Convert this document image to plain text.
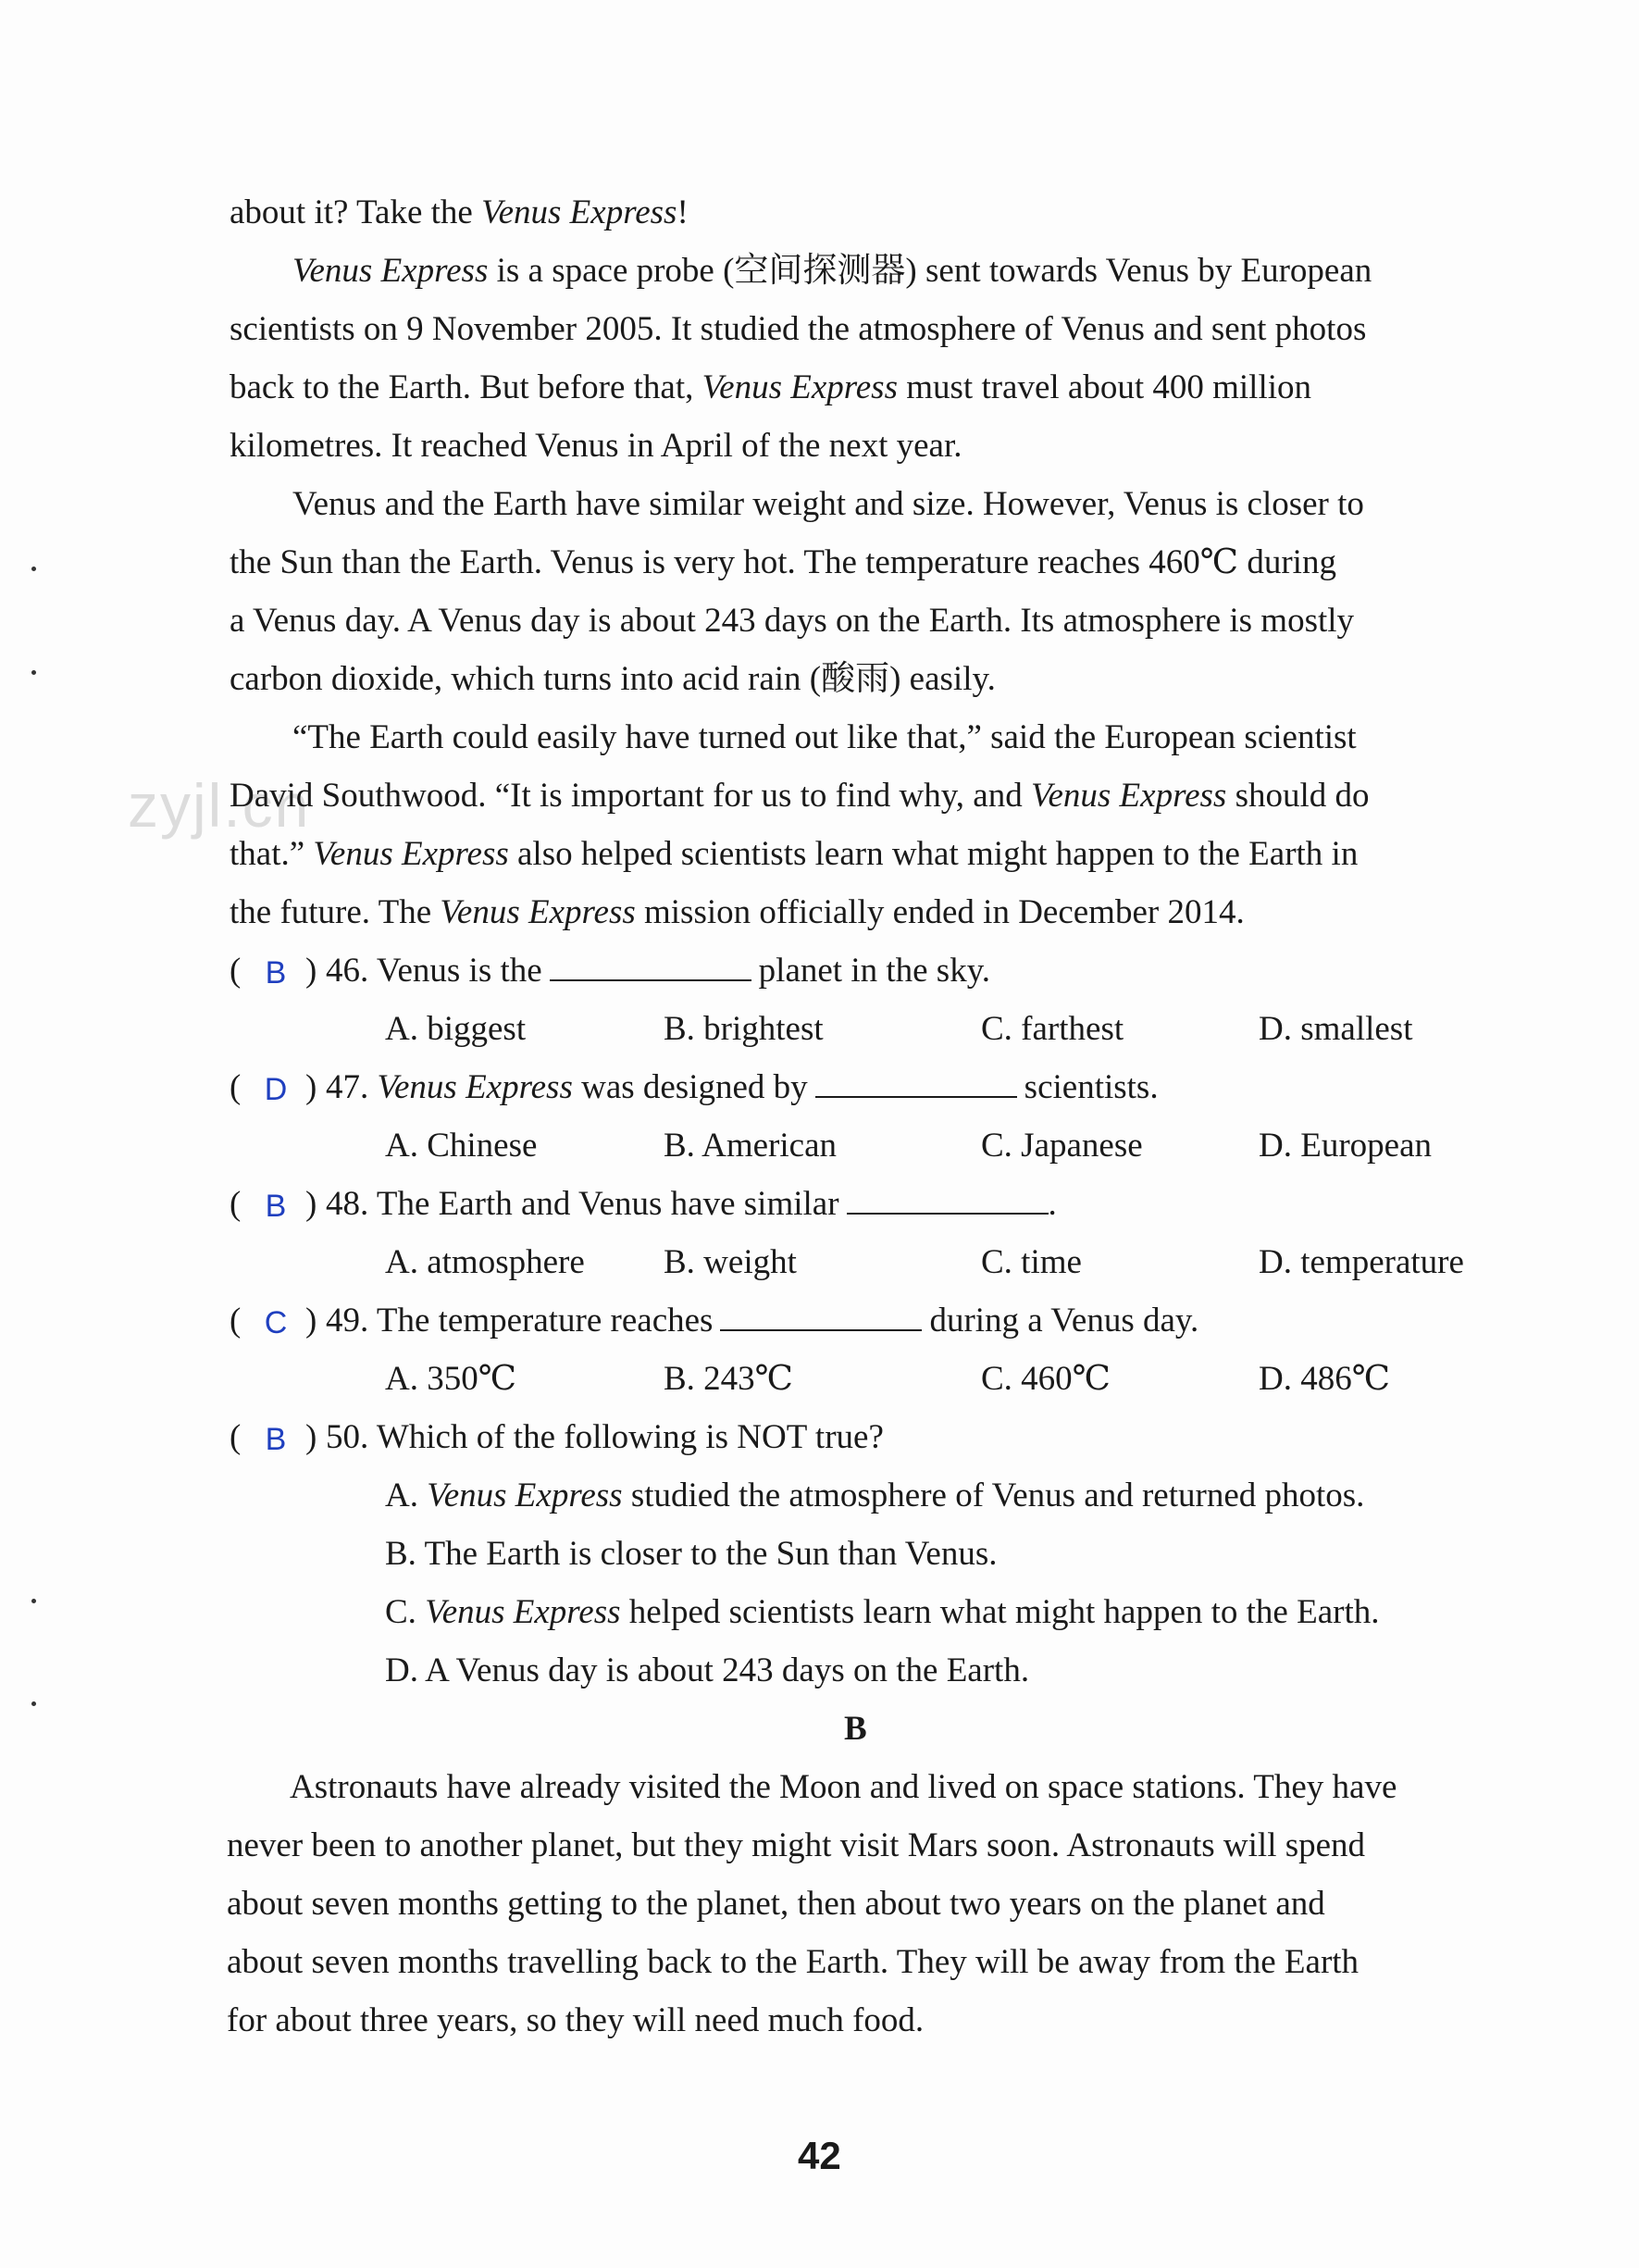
zyjl.cn
about it? Take the Venus Express!
Venus Express is a space probe (空间探测器) sent towards Venus by European
scientists on 9 November 2005. It studied the atmosphere of Venus and sent photos
back to the Earth. But before that, Venus Express must travel about 400 million
kilometres. It reached Venus in April of the next year.
Venus and the Earth have similar weight and size. However, Venus is closer to
the Sun than the Earth. Venus is very hot. The temperature reaches 460℃ during
a Venus day. A Venus day is about 243 days on the Earth. Its atmosphere is mostly
carbon dioxide, which turns into acid rain (酸雨) easily.
“The Earth could easily have turned out like that,” said the European scientist
David Southwood. “It is important for us to find why, and Venus Express should do
that.” Venus Express also helped scientists learn what might happen to the Earth in
the future. The Venus Express mission officially ended in December 2014.
( B ) 46. Venus is the	planet in the sky.
A. biggest	B. brightest	C. farthest	D. smallest
( D ) 47. Venus Express was designed by	scientists.
A. Chinese	B. American	C. Japanese	D. European
( B ) 48. The Earth and Venus have similar	.
A. atmosphere B. weight	C. time	D. temperature
( C ) 49. The temperature reaches	during a Venus day.
A. 350℃	B. 243℃	C. 460℃	D. 486℃
( B ) 50. Which of the following is NOT true?
A. Venus Express studied the atmosphere of Venus and returned photos.
B. The Earth is closer to the Sun than Venus.
C. Venus Express helped scientists learn what might happen to the Earth.
D. A Venus day is about 243 days on the Earth.
B
Astronauts have already visited the Moon and lived on space stations. They have
never been to another planet, but they might visit Mars soon. Astronauts will spend
about seven months getting to the planet, then about two years on the planet and
about seven months travelling back to the Earth. They will be away from the Earth
for about three years, so they will need much food.
42
